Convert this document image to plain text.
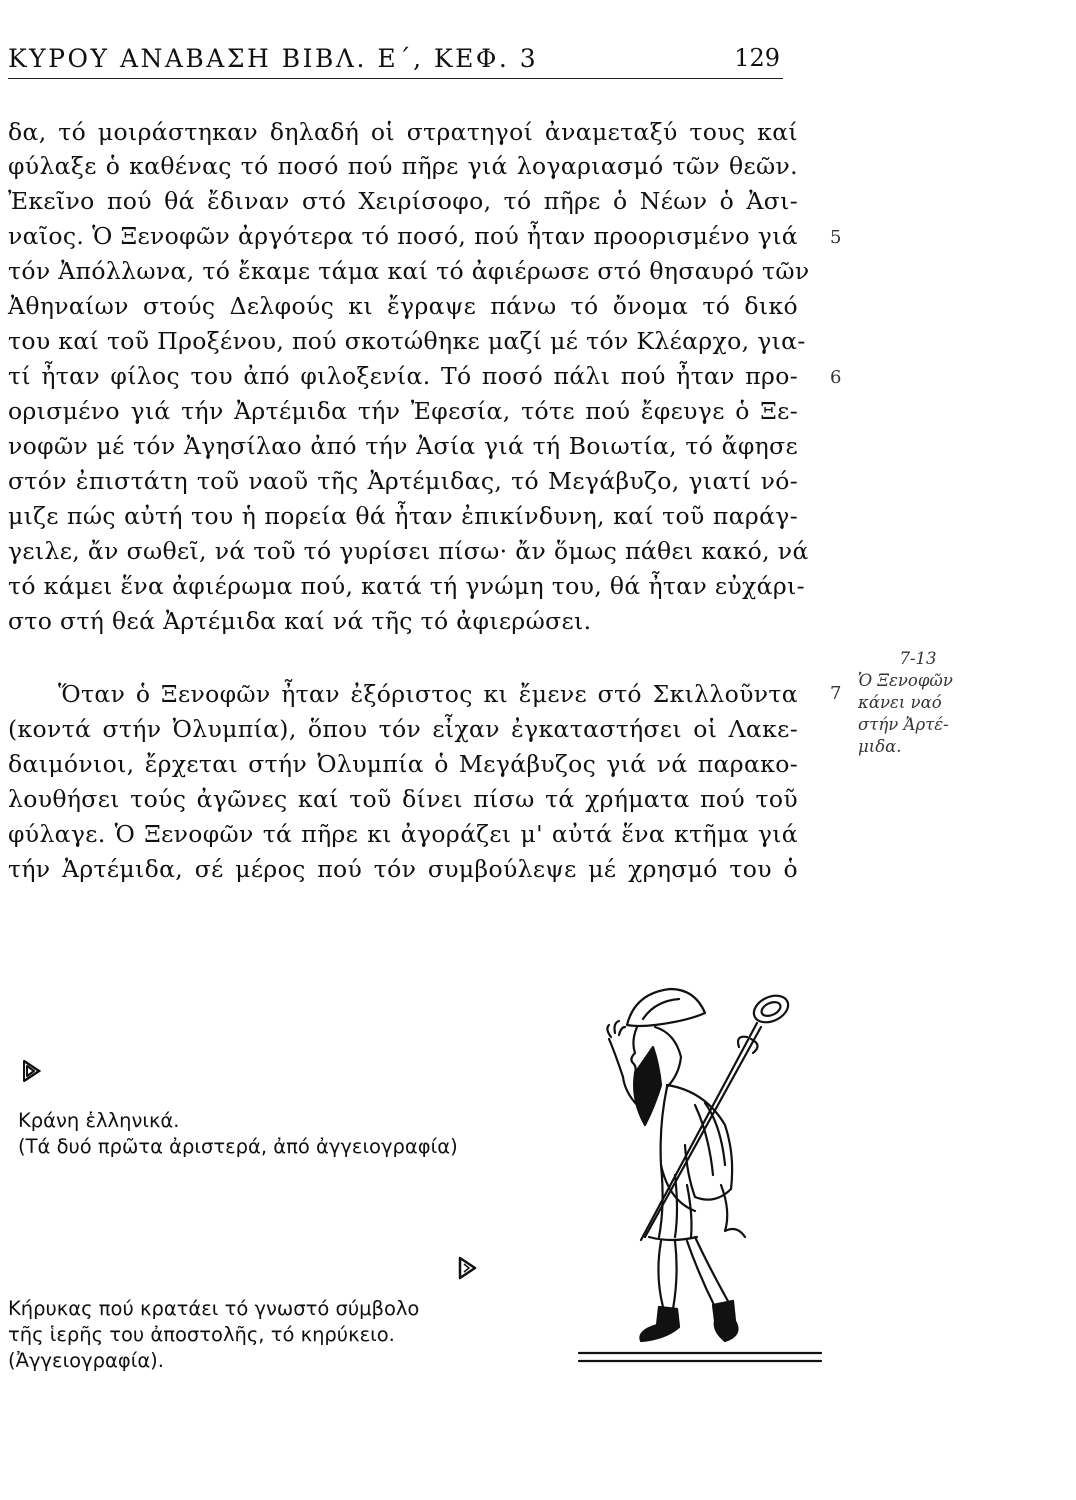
ΚΥΡΟΥ ΑΝΑΒΑΣΗ ΒΙΒΛ. Ε΄, ΚΕΦ. 3	129
δα, τό μοιράστηκαν δηλαδή οἱ στρατηγοί ἀναμεταξύ τους καί
φύλαξε ὁ καθένας τό ποσό πού πῆρε γιά λογαριασμό τῶν θεῶν.
Ἐκεῖνο πού θά ἔδιναν στό Χειρίσοφο, τό πῆρε ὁ Νέων ὁ Ἀσι-
ναῖος. Ὁ Ξενοφῶν ἀργότερα τό ποσό, πού ἦταν προορισμένο γιά
τόν Ἀπόλλωνα, τό ἔκαμε τάμα καί τό ἀφιέρωσε στό θησαυρό τῶν
Ἀθηναίων στούς Δελφούς κι ἔγραψε πάνω τό ὄνομα τό δικό
του καί τοῦ Προξένου, πού σκοτώθηκε μαζί μέ τόν Κλέαρχο, για-
τί ἦταν φίλος του ἀπό φιλοξενία. Τό ποσό πάλι πού ἦταν προ-
ορισμένο γιά τήν Ἀρτέμιδα τήν Ἐφεσία, τότε πού ἔφευγε ὁ Ξε-
νοφῶν μέ τόν Ἀγησίλαο ἀπό τήν Ἀσία γιά τή Βοιωτία, τό ἄφησε
στόν ἐπιστάτη τοῦ ναοῦ τῆς Ἀρτέμιδας, τό Μεγάβυζο, γιατί νό-
μιζε πώς αὐτή του ἡ πορεία θά ἦταν ἐπικίνδυνη, καί τοῦ παράγ-
γειλε, ἄν σωθεῖ, νά τοῦ τό γυρίσει πίσω· ἄν ὅμως πάθει κακό, νά
τό κάμει ἕνα ἀφιέρωμα πού, κατά τή γνώμη του, θά ἦταν εὐχάρι-
στο στή θεά Ἀρτέμιδα καί νά τῆς τό ἀφιερώσει.
Ὅταν ὁ Ξενοφῶν ἦταν ἐξόριστος κι ἔμενε στό Σκιλλοῦντα
(κοντά στήν Ὀλυμπία), ὅπου τόν εἶχαν ἐγκαταστήσει οἱ Λακε-
δαιμόνιοι, ἔρχεται στήν Ὀλυμπία ὁ Μεγάβυζος γιά νά παρακο-
λουθήσει τούς ἀγῶνες καί τοῦ δίνει πίσω τά χρήματα πού τοῦ
φύλαγε. Ὁ Ξενοφῶν τά πῆρε κι ἀγοράζει μ' αὐτά ἕνα κτῆμα γιά
τήν Ἀρτέμιδα, σέ μέρος πού τόν συμβούλεψε μέ χρησμό του ὁ
5
6
7
7-13
Ὁ Ξενοφῶν
κάνει ναό
στήν Ἀρτέ-
μιδα.
Κράνη ἑλληνικά.
(Τά δυό πρῶτα ἀριστερά, ἀπό ἀγγειογραφία)
Κήρυκας πού κρατάει τό γνωστό σύμβολο
τῆς ἱερῆς του ἀποστολῆς, τό κηρύκειο.
(Ἀγγειογραφία).
